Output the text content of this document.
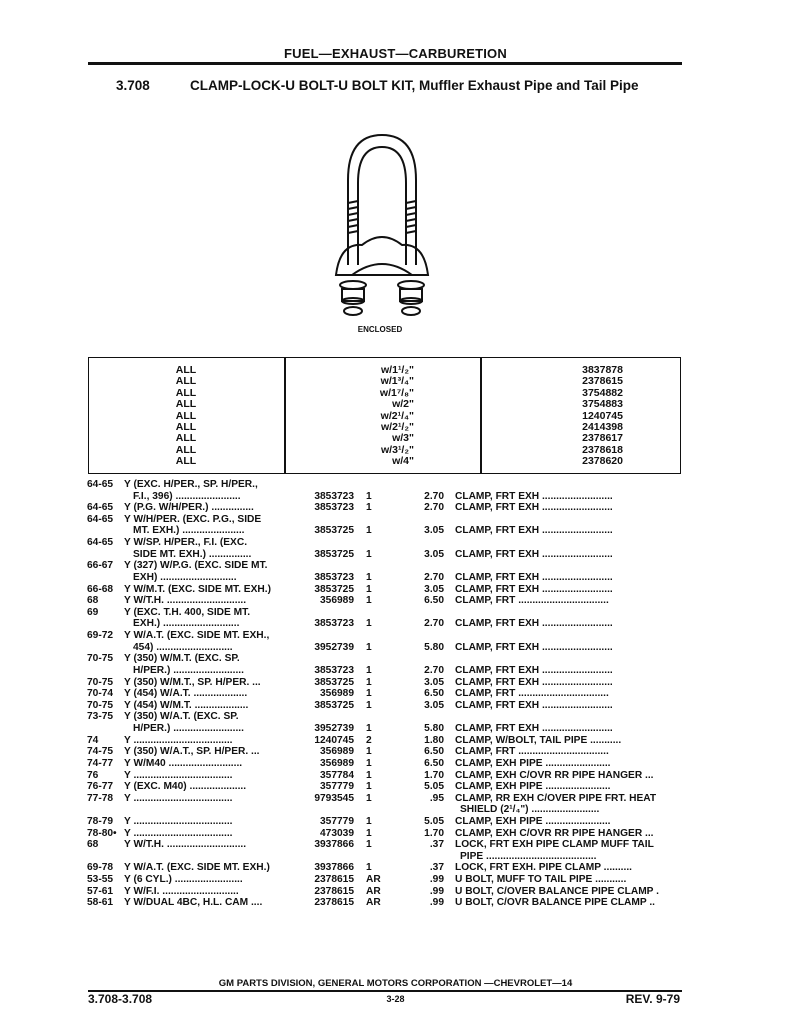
FUEL—EXHAUST—CARBURETION
3.708	CLAMP-LOCK-U BOLT-U BOLT KIT, Muffler Exhaust Pipe and Tail Pipe
ENCLOSED
ALL	w/1¹/₂"	3837878
ALL	w/1³/₄"	2378615
ALL	w/1⁷/₈"	3754882
ALL	w/2"	3754883
ALL	w/2¹/₄"	1240745
ALL	w/2¹/₂"	2414398
ALL	w/3"	2378617
ALL	w/3¹/₂"	2378618
ALL	w/4"	2378620
64-65 Y (EXC. H/PER., SP. H/PER.,
F.I., 396) .......................	3853723 1	2.70 CLAMP, FRT EXH .........................
64-65 Y (P.G. W/H/PER.) ...............	3853723 1	2.70 CLAMP, FRT EXH .........................
64-65 Y W/H/PER. (EXC. P.G., SIDE
MT. EXH.) ......................	3853725 1	3.05 CLAMP, FRT EXH .........................
64-65 Y W/SP. H/PER., F.I. (EXC.
SIDE MT. EXH.) ...............	3853725 1	3.05 CLAMP, FRT EXH .........................
66-67 Y (327) W/P.G. (EXC. SIDE MT.
EXH) ...........................	3853723 1	2.70 CLAMP, FRT EXH .........................
66-68 Y W/M.T. (EXC. SIDE MT. EXH.)	3853725 1	3.05 CLAMP, FRT EXH .........................
68	Y W/T.H. ............................	356989 1	6.50 CLAMP, FRT ................................
69	Y (EXC. T.H. 400, SIDE MT.
EXH.) ...........................	3853723 1	2.70 CLAMP, FRT EXH .........................
69-72 Y W/A.T. (EXC. SIDE MT. EXH.,
454) ...........................	3952739 1	5.80 CLAMP, FRT EXH .........................
70-75 Y (350) W/M.T. (EXC. SP.
H/PER.) .........................	3853723 1	2.70 CLAMP, FRT EXH .........................
70-75 Y (350) W/M.T., SP. H/PER. ...	3853725 1	3.05 CLAMP, FRT EXH .........................
70-74 Y (454) W/A.T. ...................	356989 1	6.50 CLAMP, FRT ................................
70-75 Y (454) W/M.T. ...................	3853725 1	3.05 CLAMP, FRT EXH .........................
73-75 Y (350) W/A.T. (EXC. SP.
H/PER.) .........................	3952739 1	5.80 CLAMP, FRT EXH .........................
74	Y ...................................	1240745 2	1.80 CLAMP, W/BOLT, TAIL PIPE ...........
74-75 Y (350) W/A.T., SP. H/PER. ...	356989 1	6.50 CLAMP, FRT ................................
74-77 Y W/M40 ..........................	356989 1	6.50 CLAMP, EXH PIPE .......................
76	Y ...................................	357784 1	1.70 CLAMP, EXH C/OVR RR PIPE HANGER ...
76-77 Y (EXC. M40) ....................	357779 1	5.05 CLAMP, EXH PIPE .......................
77-78 Y ...................................	9793545 1	.95 CLAMP, RR EXH C/OVER PIPE FRT. HEAT
SHIELD (2¹/₄") ........................
78-79 Y ...................................	357779 1	5.05 CLAMP, EXH PIPE .......................
78-80• Y ...................................	473039 1	1.70 CLAMP, EXH C/OVR RR PIPE HANGER ...
68	Y W/T.H. ............................	3937866 1	.37 LOCK, FRT EXH PIPE CLAMP MUFF TAIL
PIPE .......................................
69-78 Y W/A.T. (EXC. SIDE MT. EXH.)	3937866 1	.37 LOCK, FRT EXH. PIPE CLAMP ..........
53-55 Y (6 CYL.) ........................	2378615 AR	.99 U BOLT, MUFF TO TAIL PIPE ...........
57-61 Y W/F.I. ...........................	2378615 AR	.99 U BOLT, C/OVER BALANCE PIPE CLAMP .
58-61 Y W/DUAL 4BC, H.L. CAM ....	2378615 AR	.99 U BOLT, C/OVR BALANCE PIPE CLAMP ..
GM PARTS DIVISION, GENERAL MOTORS CORPORATION —CHEVROLET—14
3.708-3.708	3-28	REV. 9-79
